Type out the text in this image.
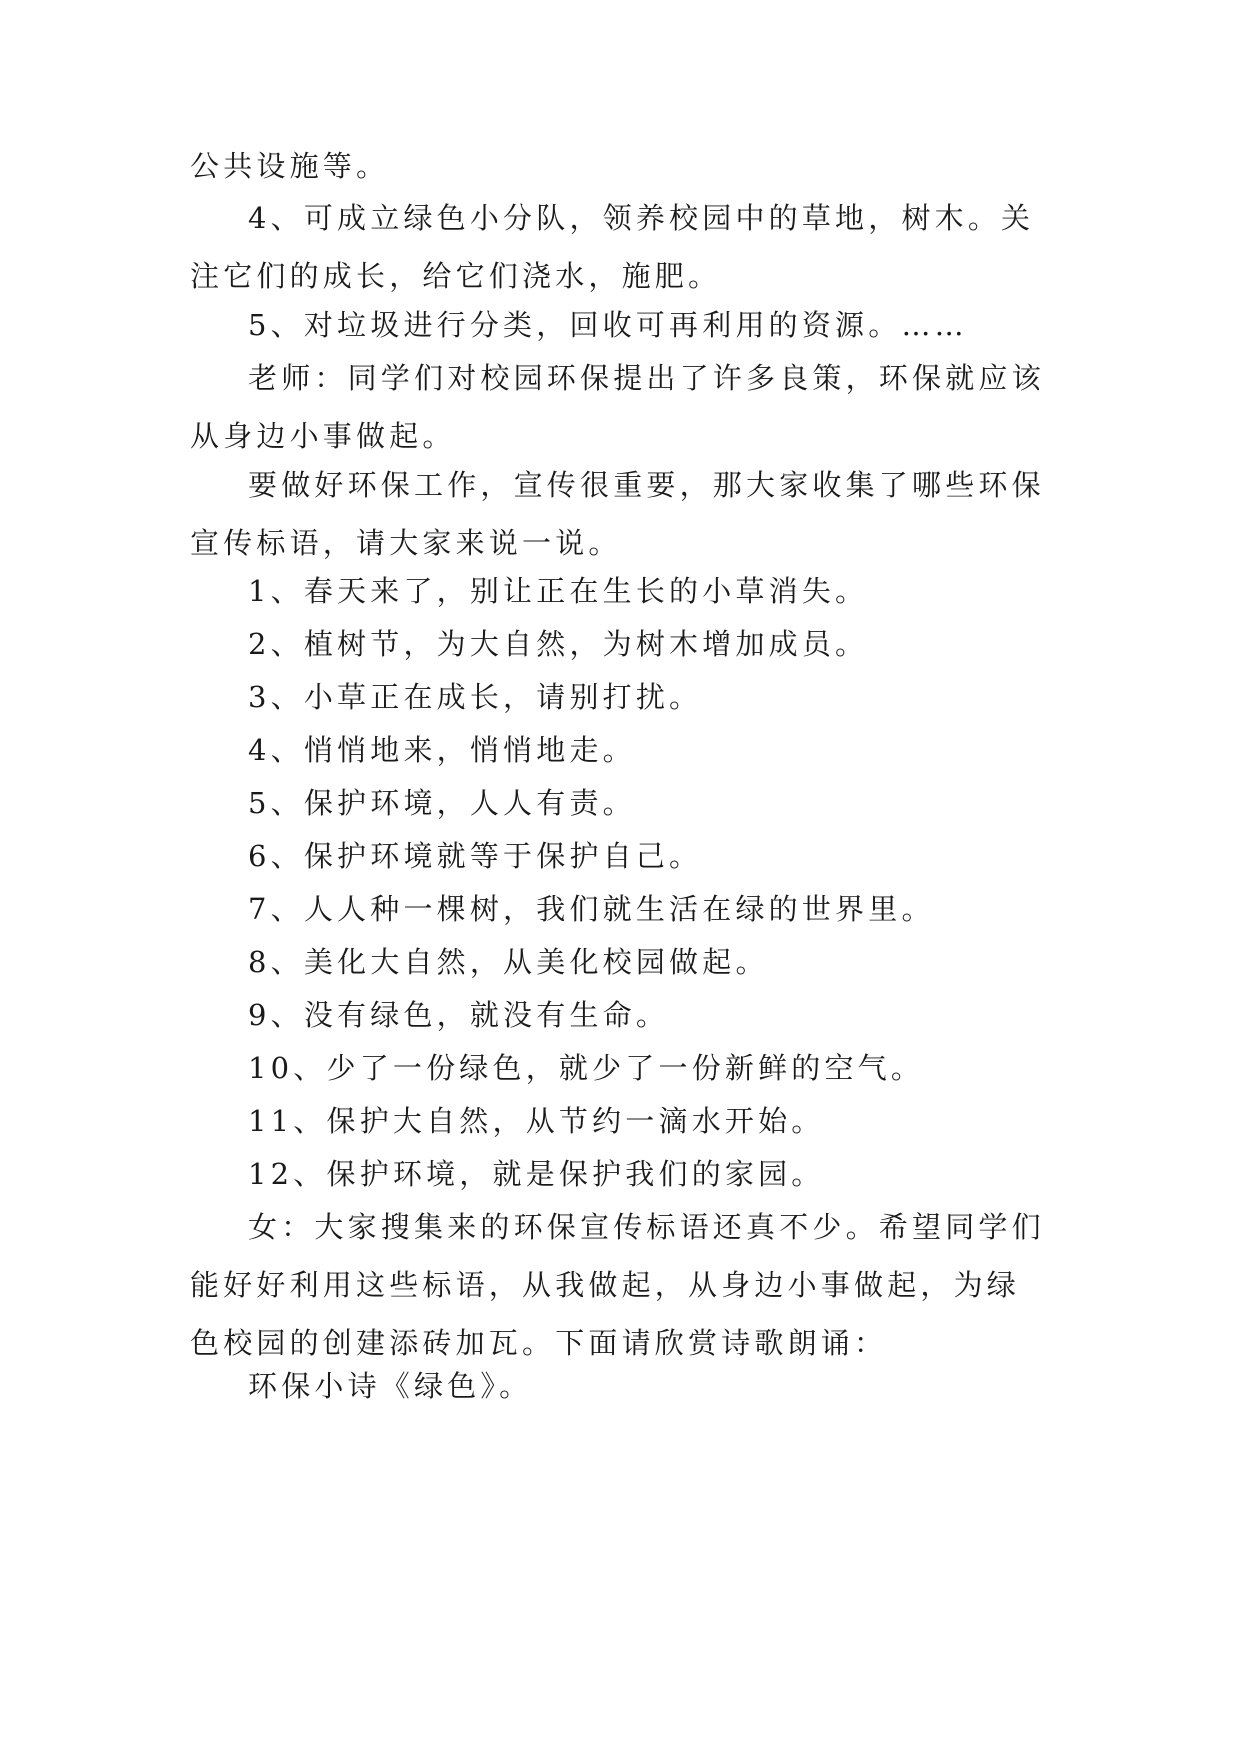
公共设施等。

4、可成立绿色小分队，领养校园中的草地，树木。关注它们的成长，给它们浇水，施肥。

5、对垃圾进行分类，回收可再利用的资源。……

老师：同学们对校园环保提出了许多良策，环保就应该从身边小事做起。

要做好环保工作，宣传很重要，那大家收集了哪些环保宣传标语，请大家来说一说。

1、春天来了，别让正在生长的小草消失。

2、植树节，为大自然，为树木增加成员。

3、小草正在成长，请别打扰。

4、悄悄地来，悄悄地走。

5、保护环境，人人有责。

6、保护环境就等于保护自己。

7、人人种一棵树，我们就生活在绿的世界里。

8、美化大自然，从美化校园做起。

9、没有绿色，就没有生命。

10、少了一份绿色，就少了一份新鲜的空气。

11、保护大自然，从节约一滴水开始。

12、保护环境，就是保护我们的家园。

女：大家搜集来的环保宣传标语还真不少。希望同学们能好好利用这些标语，从我做起，从身边小事做起，为绿色校园的创建添砖加瓦。下面请欣赏诗歌朗诵：

环保小诗《绿色》。
